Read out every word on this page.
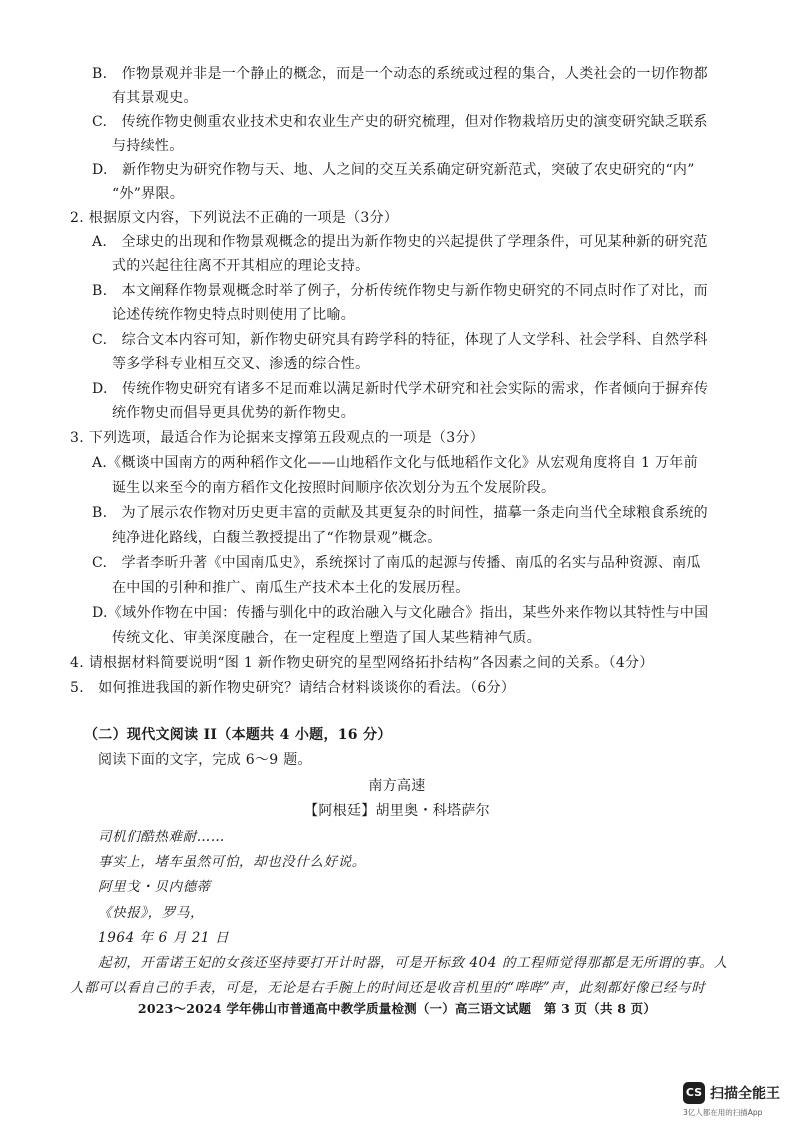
B.　作物景观并非是一个静止的概念，而是一个动态的系统或过程的集合，人类社会的一切作物都
有其景观史。
C.　传统作物史侧重农业技术史和农业生产史的研究梳理，但对作物栽培历史的演变研究缺乏联系
与持续性。
D.　新作物史为研究作物与天、地、人之间的交互关系确定研究新范式，突破了农史研究的“内”
“外”界限。
2. 根据原文内容，下列说法不正确的一项是（3分）
A.　全球史的出现和作物景观概念的提出为新作物史的兴起提供了学理条件，可见某种新的研究范
式的兴起往往离不开其相应的理论支持。
B.　本文阐释作物景观概念时举了例子，分析传统作物史与新作物史研究的不同点时作了对比，而
论述传统作物史特点时则使用了比喻。
C.　综合文本内容可知，新作物史研究具有跨学科的特征，体现了人文学科、社会学科、自然学科
等多学科专业相互交叉、渗透的综合性。
D.　传统作物史研究有诸多不足而难以满足新时代学术研究和社会实际的需求，作者倾向于摒弃传
统作物史而倡导更具优势的新作物史。
3. 下列选项，最适合作为论据来支撑第五段观点的一项是（3分）
A.《概谈中国南方的两种稻作文化——山地稻作文化与低地稻作文化》从宏观角度将自 1 万年前
诞生以来至今的南方稻作文化按照时间顺序依次划分为五个发展阶段。
B.　为了展示农作物对历史更丰富的贡献及其更复杂的时间性，描摹一条走向当代全球粮食系统的
纯净进化路线，白馥兰教授提出了“作物景观”概念。
C.　学者李昕升著《中国南瓜史》，系统探讨了南瓜的起源与传播、南瓜的名实与品种资源、南瓜
在中国的引种和推广、南瓜生产技术本土化的发展历程。
D.《域外作物在中国：传播与驯化中的政治融入与文化融合》指出，某些外来作物以其特性与中国
传统文化、审美深度融合，在一定程度上塑造了国人某些精神气质。
4. 请根据材料简要说明“图 1 新作物史研究的星型网络拓扑结构”各因素之间的关系。（4分）
5.　如何推进我国的新作物史研究？请结合材料谈谈你的看法。（6分）
（二）现代文阅读 II（本题共 4 小题，16 分）
阅读下面的文字，完成 6～9 题。
南方高速
【阿根廷】胡里奥・科塔萨尔
司机们酷热难耐……
事实上，堵车虽然可怕，却也没什么好说。
阿里戈・贝内德蒂
《快报》，罗马，
1964 年 6 月 21 日
起初，开雷诺王妃的女孩还坚持要打开计时器，可是开标致 404 的工程师觉得那都是无所谓的事。人
人都可以看自己的手表，可是，无论是右手腕上的时间还是收音机里的“哔哔”声，此刻都好像已经与时
2023～2024 学年佛山市普通高中教学质量检测（一）高三语文试题　第 3 页（共 8 页）
CS 扫描全能王
3亿人都在用的扫描App
